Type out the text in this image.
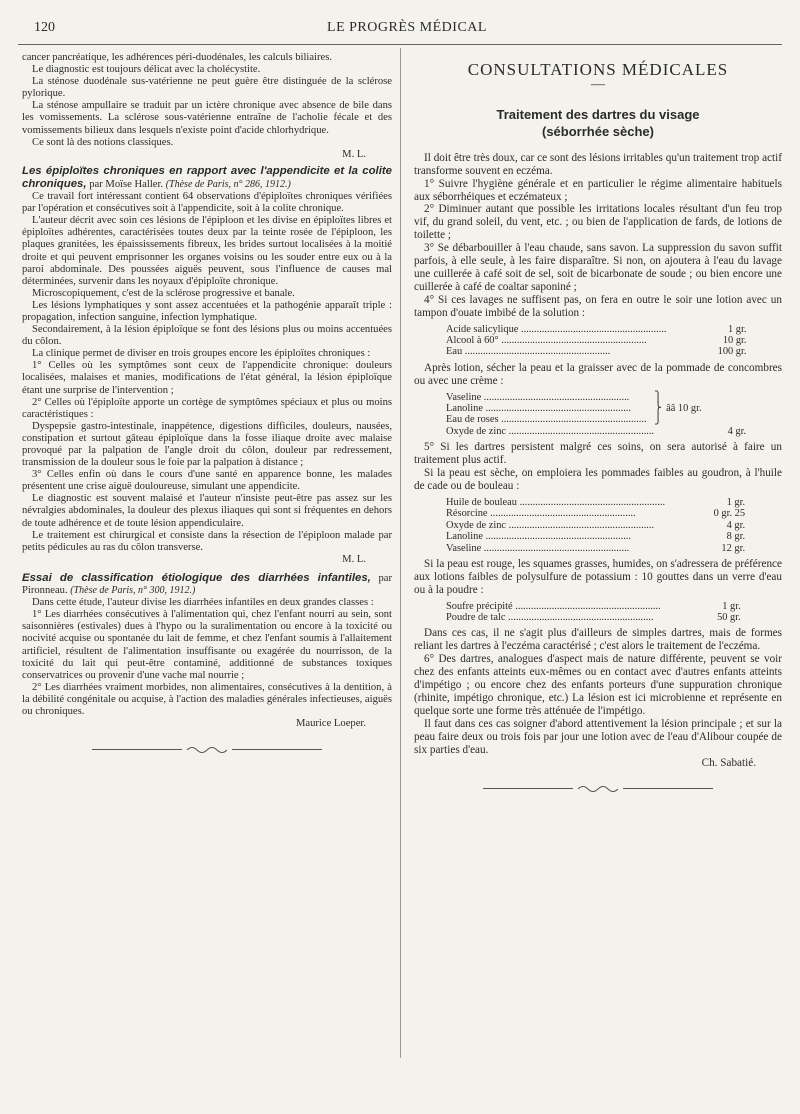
120	LE PROGRÈS MÉDICAL

cancer pancréatique, les adhérences péri-duodénales, les calculs biliaires.

Le diagnostic est toujours délicat avec la cholécystite.

La sténose duodénale sus-vatérienne ne peut guère être distinguée de la sclérose pylorique.

La sténose ampullaire se traduit par un ictère chronique avec absence de bile dans les vomissements. La sclérose sous-vatérienne entraîne de l'acholie fécale et des vomissements bilieux dans lesquels n'existe point d'acide chlorhydrique.

Ce sont là des notions classiques.

M. L.

Les épiploïtes chroniques en rapport avec l'appendicite et la colite chroniques, par Moïse Haller. (Thèse de Paris, n° 286, 1912.)

Ce travail fort intéressant contient 64 observations d'épiploïtes chroniques vérifiées par l'opération et consécutives soit à l'appendicite, soit à la colite chronique.

L'auteur décrit avec soin ces lésions de l'épiploon et les divise en épiploïtes libres et épiploïtes adhérentes, caractérisées toutes deux par la teinte rosée de l'épiploon, les plaques granitées, les épaississements fibreux, les brides surtout localisées à la moitié droite et qui peuvent emprisonner les organes voisins ou les souder entre eux ou à la paroi abdominale. Des poussées aiguës peuvent, sous l'influence de causes mal déterminées, survenir dans les noyaux d'épiploïte chronique.

Microscopiquement, c'est de la sclérose progressive et banale.

Les lésions lymphatiques y sont assez accentuées et la pathogénie apparaît triple : propagation, infection sanguine, infection lymphatique.

Secondairement, à la lésion épiploïque se font des lésions plus ou moins accentuées du côlon.

La clinique permet de diviser en trois groupes encore les épiploïtes chroniques :

1° Celles où les symptômes sont ceux de l'appendicite chronique: douleurs localisées, malaises et manies, modifications de l'état général, la lésion épiploïque étant une surprise de l'intervention ;

2° Celles où l'épiploïte apporte un cortège de symptômes spéciaux et plus ou moins caractéristiques :

Dyspepsie gastro-intestinale, inappétence, digestions difficiles, douleurs, nausées, constipation et surtout gâteau épiploïque dans la fosse iliaque droite avec malaise provoqué par la palpation de l'angle droit du côlon, douleur par redressement, transmission de la douleur sous le foie par la palpation à distance ;

3° Celles enfin où dans le cours d'une santé en apparence bonne, les malades présentent une crise aiguë douloureuse, simulant une appendicite.

Le diagnostic est souvent malaisé et l'auteur n'insiste peut-être pas assez sur les névralgies abdominales, la douleur des plexus iliaques qui sont si fréquentes en dehors de toute adhérence et de toute lésion appendiculaire.

Le traitement est chirurgical et consiste dans la résection de l'épiploon malade par petits pédicules au ras du côlon transverse.

M. L.

Essai de classification étiologique des diarrhées infantiles, par Pironneau. (Thèse de Paris, n° 300, 1912.)

Dans cette étude, l'auteur divise les diarrhées infantiles en deux grandes classes :

1° Les diarrhées consécutives à l'alimentation qui, chez l'enfant nourri au sein, sont saisonnières (estivales) dues à l'hypo ou la suralimentation ou encore à la toxicité ou nocivité acquise ou spontanée du lait de femme, et chez l'enfant soumis à l'allaitement artificiel, résultent de l'alimentation insuffisante ou exagérée du nourrisson, de la toxicité du lait qui peut-être contaminé, additionné de substances toxiques conservatrices ou provenir d'une vache mal nourrie ;

2° Les diarrhées vraiment morbides, non alimentaires, consécutives à la dentition, à la débilité congénitale ou acquise, à l'action des maladies générales infectieuses, aiguës ou chroniques.

Maurice Loeper.
CONSULTATIONS MÉDICALES
—
Traitement des dartres du visage
(séborrhée sèche)

Il doit être très doux, car ce sont des lésions irritables qu'un traitement trop actif transforme souvent en eczéma.

1° Suivre l'hygiène générale et en particulier le régime alimentaire habituels aux séborrhéiques et eczémateux ;

2° Diminuer autant que possible les irritations locales résultant d'un feu trop vif, du grand soleil, du vent, etc. ; ou bien de l'application de fards, de lotions de toilette ;

3° Se débarbouiller à l'eau chaude, sans savon. La suppression du savon suffit parfois, à elle seule, à les faire disparaître. Si non, on ajoutera à l'eau du lavage une cuillerée à café soit de sel, soit de bicarbonate de soude ; ou bien encore une cuillerée à café de coaltar saponiné ;

4° Si ces lavages ne suffisent pas, on fera en outre le soir une lotion avec un tampon d'ouate imbibé de la solution :

Acide salicylique .....	1 gr.
Alcool à 60° .....	10 gr.
Eau .....	100 gr.

Après lotion, sécher la peau et la graisser avec de la pommade de concombres ou avec une crème :

Vaseline .....	⎫	ââ 10 gr.
Lanoline .....	⎬	
Eau de roses .....	⎭	
Oxyde de zinc .....		4 gr.

5° Si les dartres persistent malgré ces soins, on sera autorisé à faire un traitement plus actif.

Si la peau est sèche, on emploiera les pommades faibles au goudron, à l'huile de cade ou de bouleau :

Huile de bouleau .....	1 gr.
Résorcine .....	0 gr. 25
Oxyde de zinc .....	4 gr.
Lanoline .....	8 gr.
Vaseline .....	12 gr.

Si la peau est rouge, les squames grasses, humides, on s'adressera de préférence aux lotions faibles de polysulfure de potassium : 10 gouttes dans un verre d'eau ou à la poudre :

Soufre précipité .....	1 gr.
Poudre de talc .....	50 gr.

Dans ces cas, il ne s'agit plus d'ailleurs de simples dartres, mais de formes reliant les dartres à l'eczéma caractérisé ; c'est alors le traitement de l'eczéma.

6° Des dartres, analogues d'aspect mais de nature différente, peuvent se voir chez des enfants atteints eux-mêmes ou en contact avec d'autres enfants atteints d'impétigo ; ou encore chez des enfants porteurs d'une suppuration chronique (rhinite, impétigo chronique, etc.) La lésion est ici microbienne et représente en quelque sorte une forme très atténuée de l'impétigo.

Il faut dans ces cas soigner d'abord attentivement la lésion principale ; et sur la peau faire deux ou trois fois par jour une lotion avec de l'eau d'Alibour coupée de six parties d'eau.

Ch. Sabatié.
